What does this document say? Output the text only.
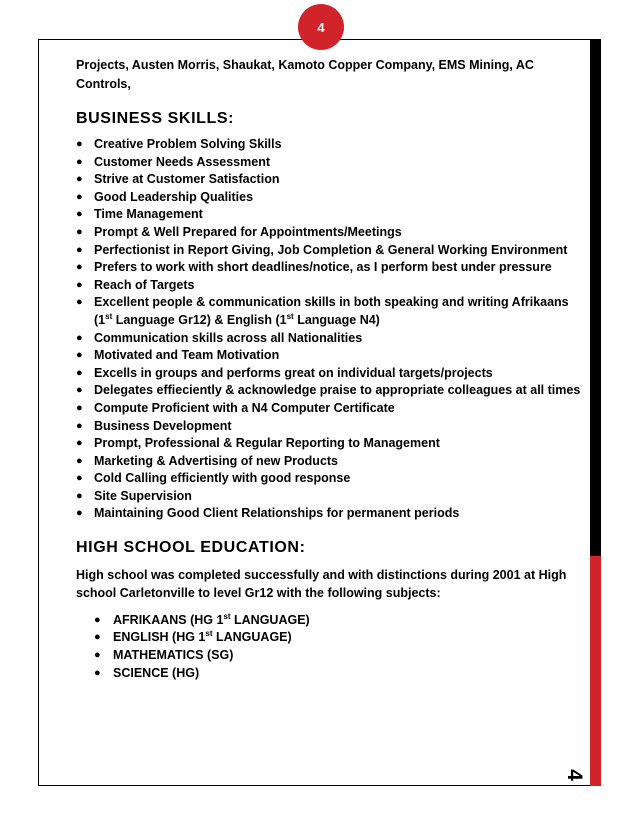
4
4

Projects, Austen Morris, Shaukat, Kamoto Copper Company, EMS Mining, AC Controls,

BUSINESS SKILLS:
● Creative Problem Solving Skills
● Customer Needs Assessment
● Strive at Customer Satisfaction
● Good Leadership Qualities
● Time Management
● Prompt & Well Prepared for Appointments/Meetings
● Perfectionist in Report Giving, Job Completion & General Working Environment
● Prefers to work with short deadlines/notice, as I perform best under pressure
● Reach of Targets
● Excellent people & communication skills in both speaking and writing Afrikaans (1st Language Gr12) & English (1st Language N4)
● Communication skills across all Nationalities
● Motivated and Team Motivation
● Excells in groups and performs great on individual targets/projects
● Delegates effieciently & acknowledge praise to appropriate colleagues at all times
● Compute Proficient with a N4 Computer Certificate
● Business Development
● Prompt, Professional & Regular Reporting to Management
● Marketing & Advertising of new Products
● Cold Calling efficiently with good response
● Site Supervision
● Maintaining Good Client Relationships for permanent periods
HIGH SCHOOL EDUCATION:

High school was completed successfully and with distinctions during 2001 at High school Carletonville to level Gr12 with the following subjects:

● AFRIKAANS (HG 1st LANGUAGE)
● ENGLISH (HG 1st LANGUAGE)
● MATHEMATICS (SG)
● SCIENCE (HG)
